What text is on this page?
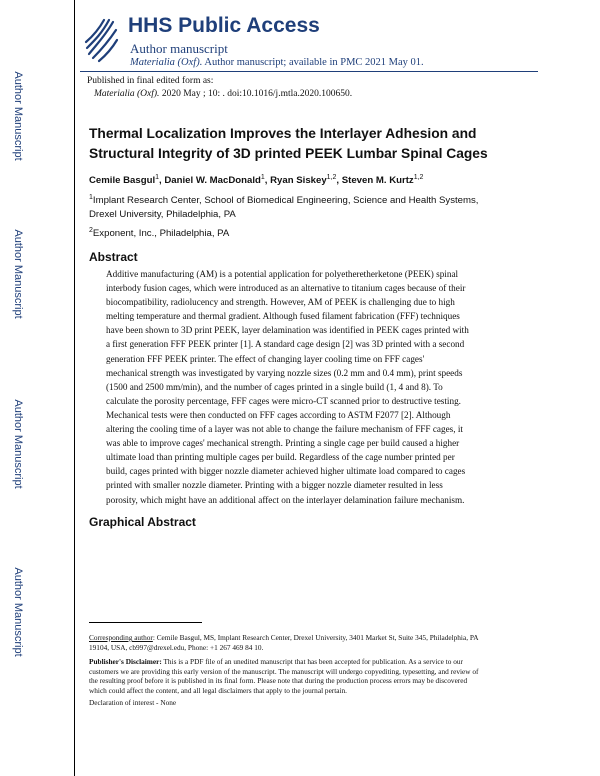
Author Manuscript
Author Manuscript
Author Manuscript
Author Manuscript
HHS Public Access
Author manuscript
Materialia (Oxf). Author manuscript; available in PMC 2021 May 01.
Published in final edited form as:
Materialia (Oxf). 2020 May ; 10: . doi:10.1016/j.mtla.2020.100650.
Thermal Localization Improves the Interlayer Adhesion and Structural Integrity of 3D printed PEEK Lumbar Spinal Cages
Cemile Basgul$^1$, Daniel W. MacDonald$^1$, Ryan Siskey$^{1,2}$, Steven M. Kurtz$^{1,2}$
$^1$Implant Research Center, School of Biomedical Engineering, Science and Health Systems,
Drexel University, Philadelphia, PA
$^2$Exponent, Inc., Philadelphia, PA
Abstract

Additive manufacturing (AM) is a potential application for polyetheretherketone (PEEK) spinal
interbody fusion cages, which were introduced as an alternative to titanium cages because of their
biocompatibility, radiolucency and strength. However, AM of PEEK is challenging due to high
melting temperature and thermal gradient. Although fused filament fabrication (FFF) techniques
have been shown to 3D print PEEK, layer delamination was identified in PEEK cages printed with
a first generation FFF PEEK printer [1]. A standard cage design [2] was 3D printed with a second
generation FFF PEEK printer. The effect of changing layer cooling time on FFF cages'
mechanical strength was investigated by varying nozzle sizes (0.2 mm and 0.4 mm), print speeds
(1500 and 2500 mm/min), and the number of cages printed in a single build (1, 4 and 8). To
calculate the porosity percentage, FFF cages were micro-CT scanned prior to destructive testing.
Mechanical tests were then conducted on FFF cages according to ASTM F2077 [2]. Although
altering the cooling time of a layer was not able to change the failure mechanism of FFF cages, it
was able to improve cages' mechanical strength. Printing a single cage per build caused a higher
ultimate load than printing multiple cages per build. Regardless of the cage number printed per
build, cages printed with bigger nozzle diameter achieved higher ultimate load compared to cages
printed with smaller nozzle diameter. Printing with a bigger nozzle diameter resulted in less
porosity, which might have an additional affect on the interlayer delamination failure mechanism.

Graphical Abstract
Corresponding author: Cemile Basgul, MS, Implant Research Center, Drexel University, 3401 Market St, Suite 345, Philadelphia, PA
19104, USA, cb997@drexel.edu, Phone: +1 267 469 84 10.
Publisher's Disclaimer: This is a PDF file of an unedited manuscript that has been accepted for publication. As a service to our
customers we are providing this early version of the manuscript. The manuscript will undergo copyediting, typesetting, and review of
the resulting proof before it is published in its final form. Please note that during the production process errors may be discovered
which could affect the content, and all legal disclaimers that apply to the journal pertain.
Declaration of interest - None
